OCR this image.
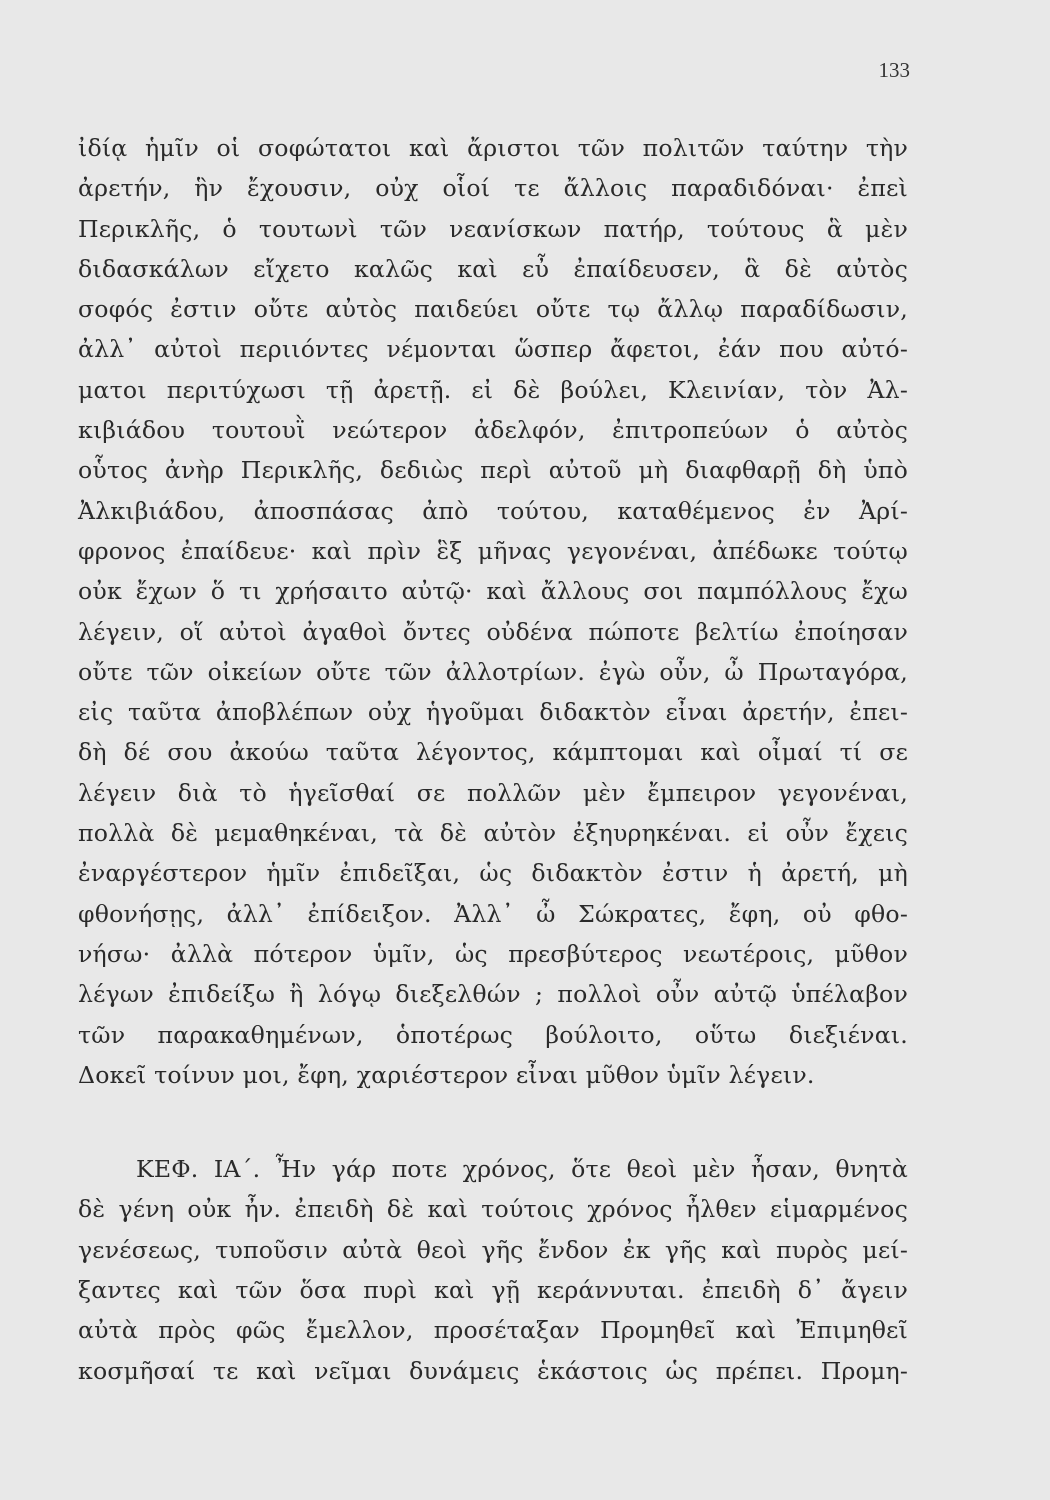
133
ἰδίᾳ ἡμῖν οἱ σοφώτατοι καὶ ἄριστοι τῶν πολιτῶν ταύτην τὴν
ἀρετήν, ἣν ἔχουσιν, οὐχ οἷοί τε ἄλλοις παραδιδόναι· ἐπεὶ
Περικλῆς, ὁ τουτωνὶ τῶν νεανίσκων πατήρ, τούτους ἃ μὲν
διδασκάλων εἴχετο καλῶς καὶ εὖ ἐπαίδευσεν, ἃ δὲ αὐτὸς
σοφός ἐστιν οὔτε αὐτὸς παιδεύει οὔτε τῳ ἄλλῳ παραδίδωσιν,
ἀλλ᾽ αὐτοὶ περιιόντες νέμονται ὥσπερ ἄφετοι, ἐάν που αὐτό-
ματοι περιτύχωσι τῇ ἀρετῇ. εἰ δὲ βούλει, Κλεινίαν, τὸν Ἀλ-
κιβιάδου τουτουῒ νεώτερον ἀδελφόν, ἐπιτροπεύων ὁ αὐτὸς
οὗτος ἀνὴρ Περικλῆς, δεδιὼς περὶ αὐτοῦ μὴ διαφθαρῇ δὴ ὑπὸ
Ἀλκιβιάδου, ἀποσπάσας ἀπὸ τούτου, καταθέμενος ἐν Ἀρί-
φρονος ἐπαίδευε· καὶ πρὶν ἓξ μῆνας γεγονέναι, ἀπέδωκε τούτῳ
οὐκ ἔχων ὅ τι χρήσαιτο αὐτῷ· καὶ ἄλλους σοι παμπόλλους ἔχω
λέγειν, οἵ αὐτοὶ ἀγαθοὶ ὄντες οὐδένα πώποτε βελτίω ἐποίησαν
οὔτε τῶν οἰκείων οὔτε τῶν ἀλλοτρίων. ἐγὼ οὖν, ὦ Πρωταγόρα,
εἰς ταῦτα ἀποβλέπων οὐχ ἡγοῦμαι διδακτὸν εἶναι ἀρετήν, ἐπει-
δὴ δέ σου ἀκούω ταῦτα λέγοντος, κάμπτομαι καὶ οἶμαί τί σε
λέγειν διὰ τὸ ἡγεῖσθαί σε πολλῶν μὲν ἔμπειρον γεγονέναι,
πολλὰ δὲ μεμαθηκέναι, τὰ δὲ αὐτὸν ἐξηυρηκέναι. εἰ οὖν ἔχεις
ἐναργέστερον ἡμῖν ἐπιδεῖξαι, ὡς διδακτὸν ἐστιν ἡ ἀρετή, μὴ
φθονήσῃς, ἀλλ᾽ ἐπίδειξον. Ἀλλ᾽ ὦ Σώκρατες, ἔφη, οὐ φθο-
νήσω· ἀλλὰ πότερον ὑμῖν, ὡς πρεσβύτερος νεωτέροις, μῦθον
λέγων ἐπιδείξω ἢ λόγῳ διεξελθών ; πολλοὶ οὖν αὐτῷ ὑπέλαβον
τῶν παρακαθημένων, ὁποτέρως βούλοιτο, οὕτω διεξιέναι.
Δοκεῖ τοίνυν μοι, ἔφη, χαριέστερον εἶναι μῦθον ὑμῖν λέγειν.
ΚΕΦ. ΙΑ΄. Ἦν γάρ ποτε χρόνος, ὅτε θεοὶ μὲν ἦσαν, θνητὰ
δὲ γένη οὐκ ἦν. ἐπειδὴ δὲ καὶ τούτοις χρόνος ἦλθεν εἱμαρμένος
γενέσεως, τυποῦσιν αὐτὰ θεοὶ γῆς ἔνδον ἐκ γῆς καὶ πυρὸς μεί-
ξαντες καὶ τῶν ὅσα πυρὶ καὶ γῇ κεράννυται. ἐπειδὴ δ᾽ ἄγειν
αὐτὰ πρὸς φῶς ἔμελλον, προσέταξαν Προμηθεῖ καὶ Ἐπιμηθεῖ
κοσμῆσαί τε καὶ νεῖμαι δυνάμεις ἑκάστοις ὡς πρέπει. Προμη-
